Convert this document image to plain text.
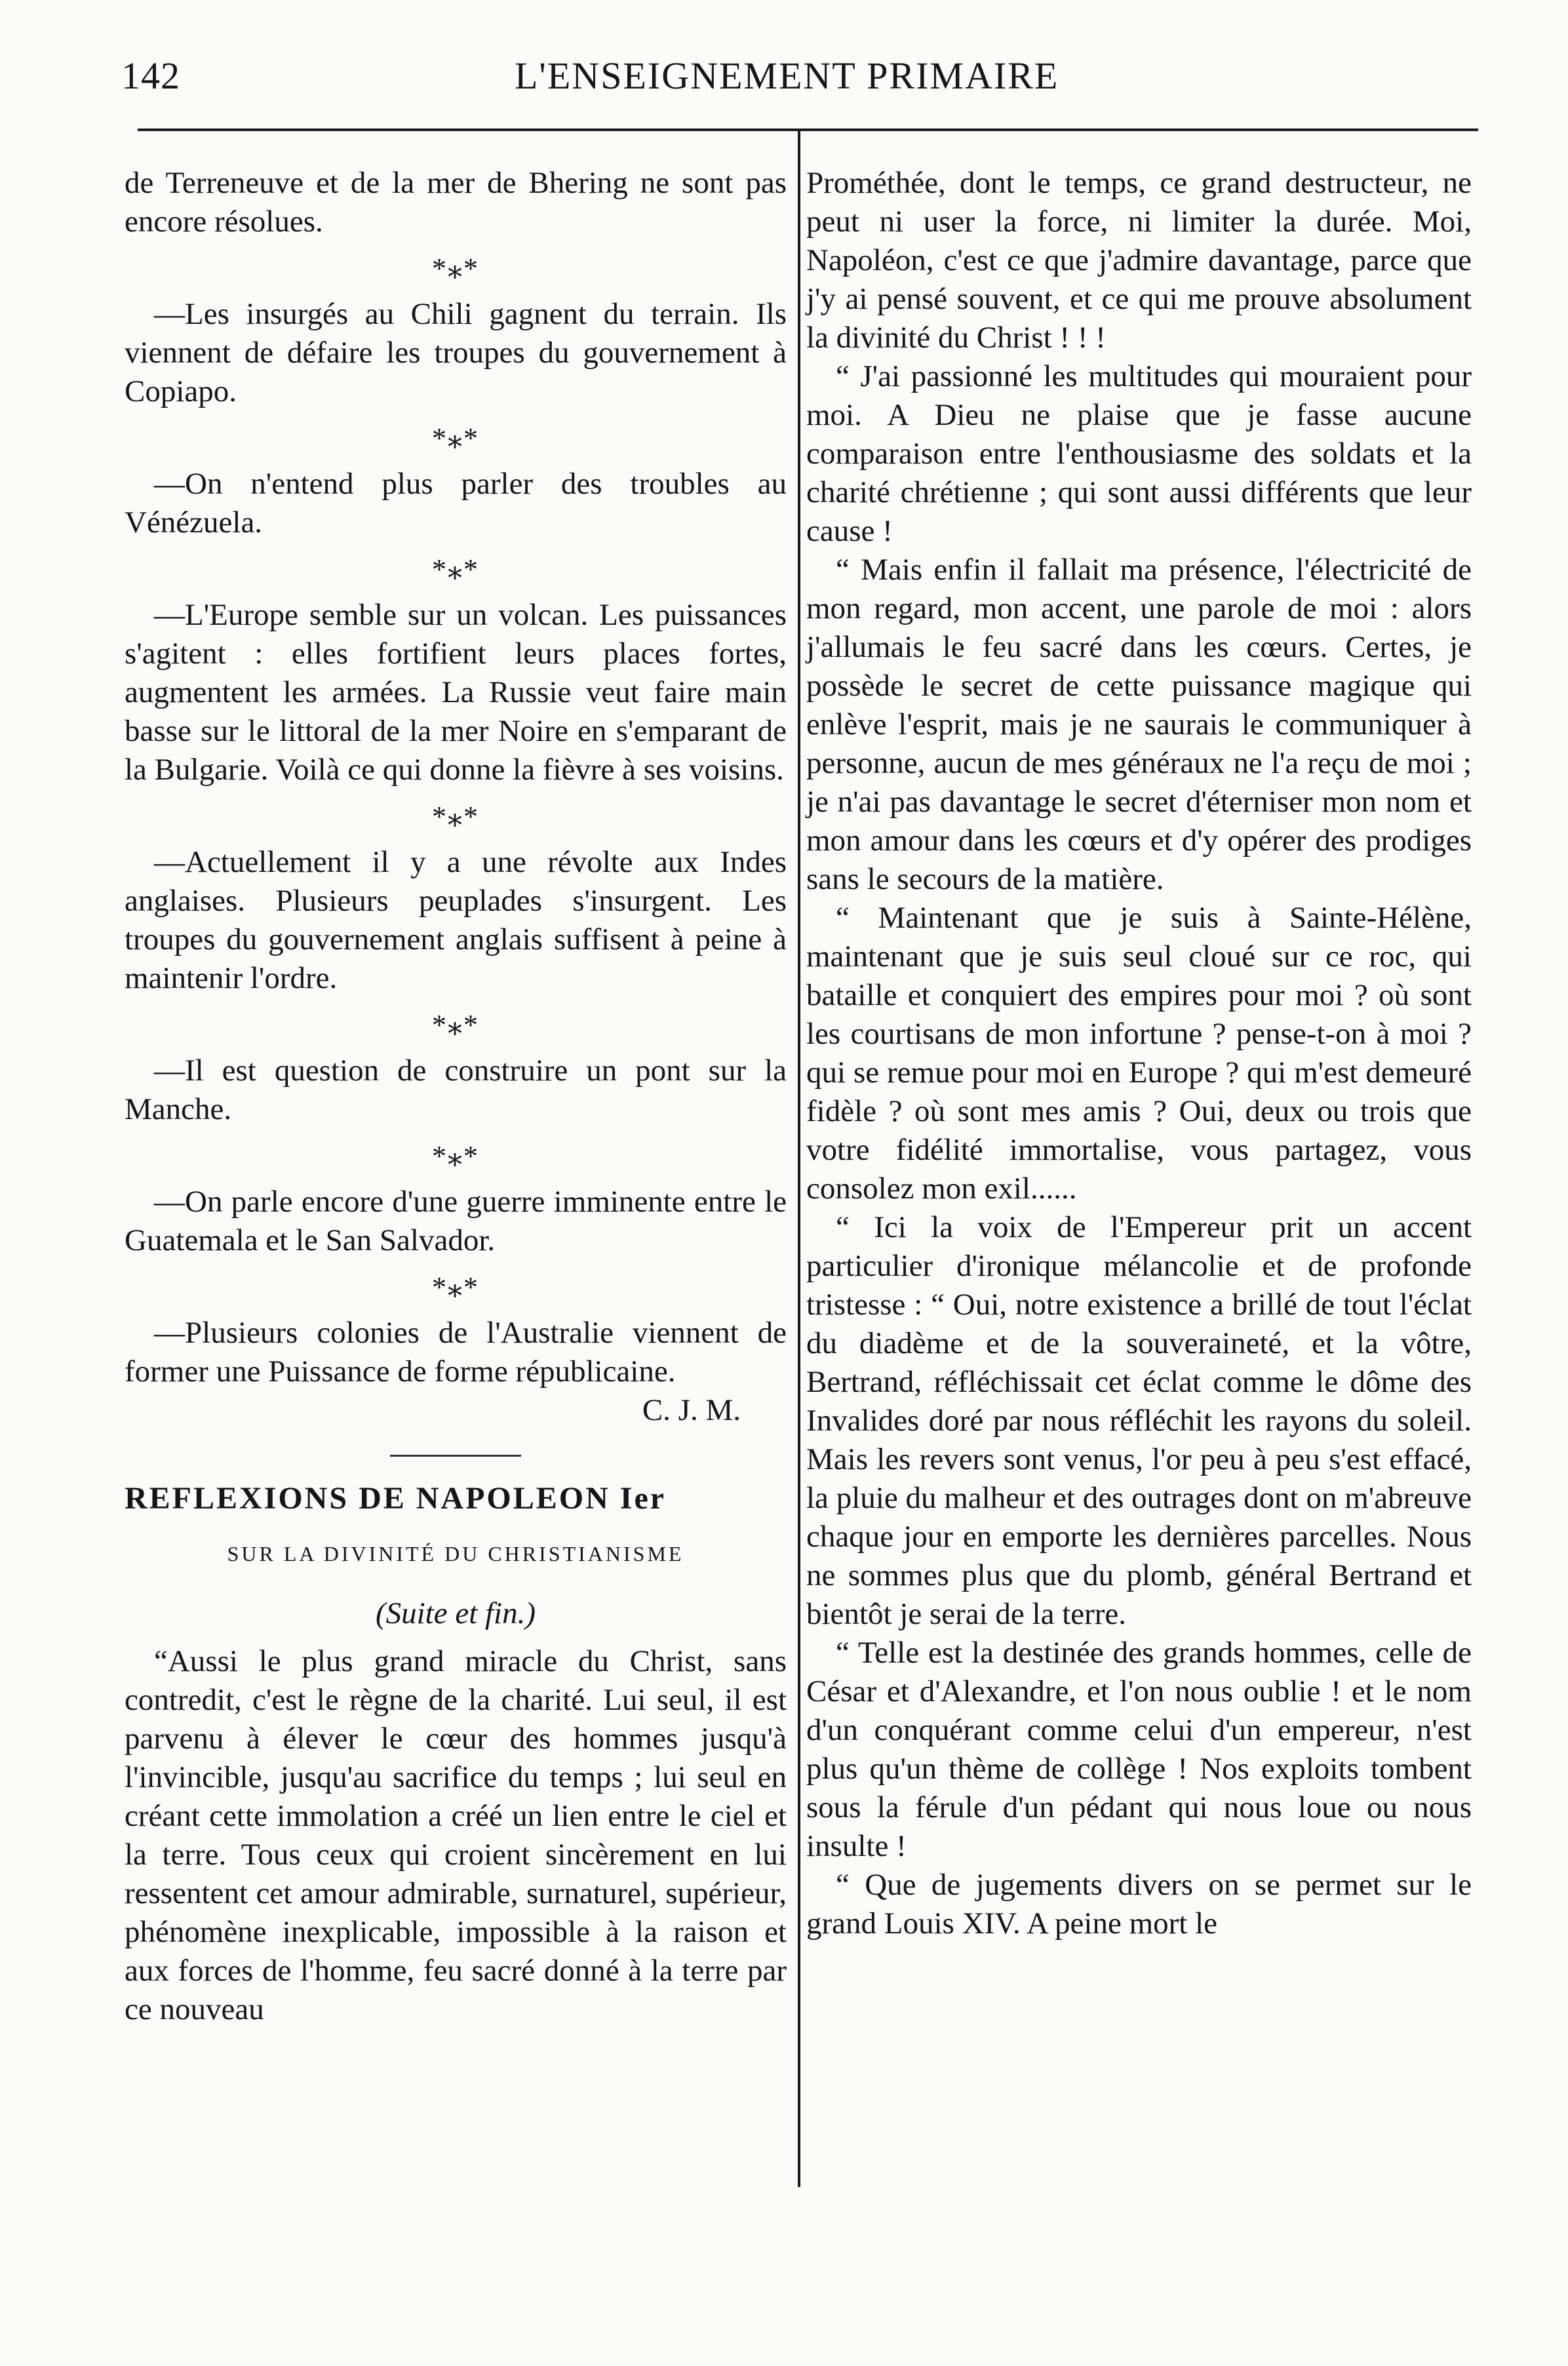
142	L'ENSEIGNEMENT PRIMAIRE

de Terreneuve et de la mer de Bhering ne sont pas encore résolues.

*⁎*

—Les insurgés au Chili gagnent du terrain. Ils viennent de défaire les troupes du gouvernement à Copiapo.

*⁎*

—On n'entend plus parler des troubles au Vénézuela.

*⁎*

—L'Europe semble sur un volcan. Les puissances s'agitent : elles fortifient leurs places fortes, augmentent les armées. La Russie veut faire main basse sur le littoral de la mer Noire en s'emparant de la Bulgarie. Voilà ce qui donne la fièvre à ses voisins.

*⁎*

—Actuellement il y a une révolte aux Indes anglaises. Plusieurs peuplades s'insurgent. Les troupes du gouvernement anglais suffisent à peine à maintenir l'ordre.

*⁎*

—Il est question de construire un pont sur la Manche.

*⁎*

—On parle encore d'une guerre imminente entre le Guatemala et le San Salvador.

*⁎*

—Plusieurs colonies de l'Australie viennent de former une Puissance de forme républicaine.

C. J. M.

REFLEXIONS DE NAPOLEON Ier

SUR LA DIVINITÉ DU CHRISTIANISME

(Suite et fin.)

“Aussi le plus grand miracle du Christ, sans contredit, c'est le règne de la charité. Lui seul, il est parvenu à élever le cœur des hommes jusqu'à l'invincible, jusqu'au sacrifice du temps ; lui seul en créant cette immolation a créé un lien entre le ciel et la terre. Tous ceux qui croient sincèrement en lui ressentent cet amour admirable, surnaturel, supérieur, phénomène inexplicable, impossible à la raison et aux forces de l'homme, feu sacré donné à la terre par ce nouveau

Prométhée, dont le temps, ce grand destructeur, ne peut ni user la force, ni limiter la durée. Moi, Napoléon, c'est ce que j'admire davantage, parce que j'y ai pensé souvent, et ce qui me prouve absolument la divinité du Christ ! ! !

“ J'ai passionné les multitudes qui mouraient pour moi. A Dieu ne plaise que je fasse aucune comparaison entre l'enthousiasme des soldats et la charité chrétienne ; qui sont aussi différents que leur cause !

“ Mais enfin il fallait ma présence, l'électricité de mon regard, mon accent, une parole de moi : alors j'allumais le feu sacré dans les cœurs. Certes, je possède le secret de cette puissance magique qui enlève l'esprit, mais je ne saurais le communiquer à personne, aucun de mes généraux ne l'a reçu de moi ; je n'ai pas davantage le secret d'éterniser mon nom et mon amour dans les cœurs et d'y opérer des prodiges sans le secours de la matière.

“ Maintenant que je suis à Sainte-Hélène, maintenant que je suis seul cloué sur ce roc, qui bataille et conquiert des empires pour moi ? où sont les courtisans de mon infortune ? pense-t-on à moi ? qui se remue pour moi en Europe ? qui m'est demeuré fidèle ? où sont mes amis ? Oui, deux ou trois que votre fidélité immortalise, vous partagez, vous consolez mon exil......

“ Ici la voix de l'Empereur prit un accent particulier d'ironique mélancolie et de profonde tristesse : “ Oui, notre existence a brillé de tout l'éclat du diadème et de la souveraineté, et la vôtre, Bertrand, réfléchissait cet éclat comme le dôme des Invalides doré par nous réfléchit les rayons du soleil. Mais les revers sont venus, l'or peu à peu s'est effacé, la pluie du malheur et des outrages dont on m'abreuve chaque jour en emporte les dernières parcelles. Nous ne sommes plus que du plomb, général Bertrand et bientôt je serai de la terre.

“ Telle est la destinée des grands hommes, celle de César et d'Alexandre, et l'on nous oublie ! et le nom d'un conquérant comme celui d'un empereur, n'est plus qu'un thème de collège ! Nos exploits tombent sous la férule d'un pédant qui nous loue ou nous insulte !

“ Que de jugements divers on se permet sur le grand Louis XIV. A peine mort le
